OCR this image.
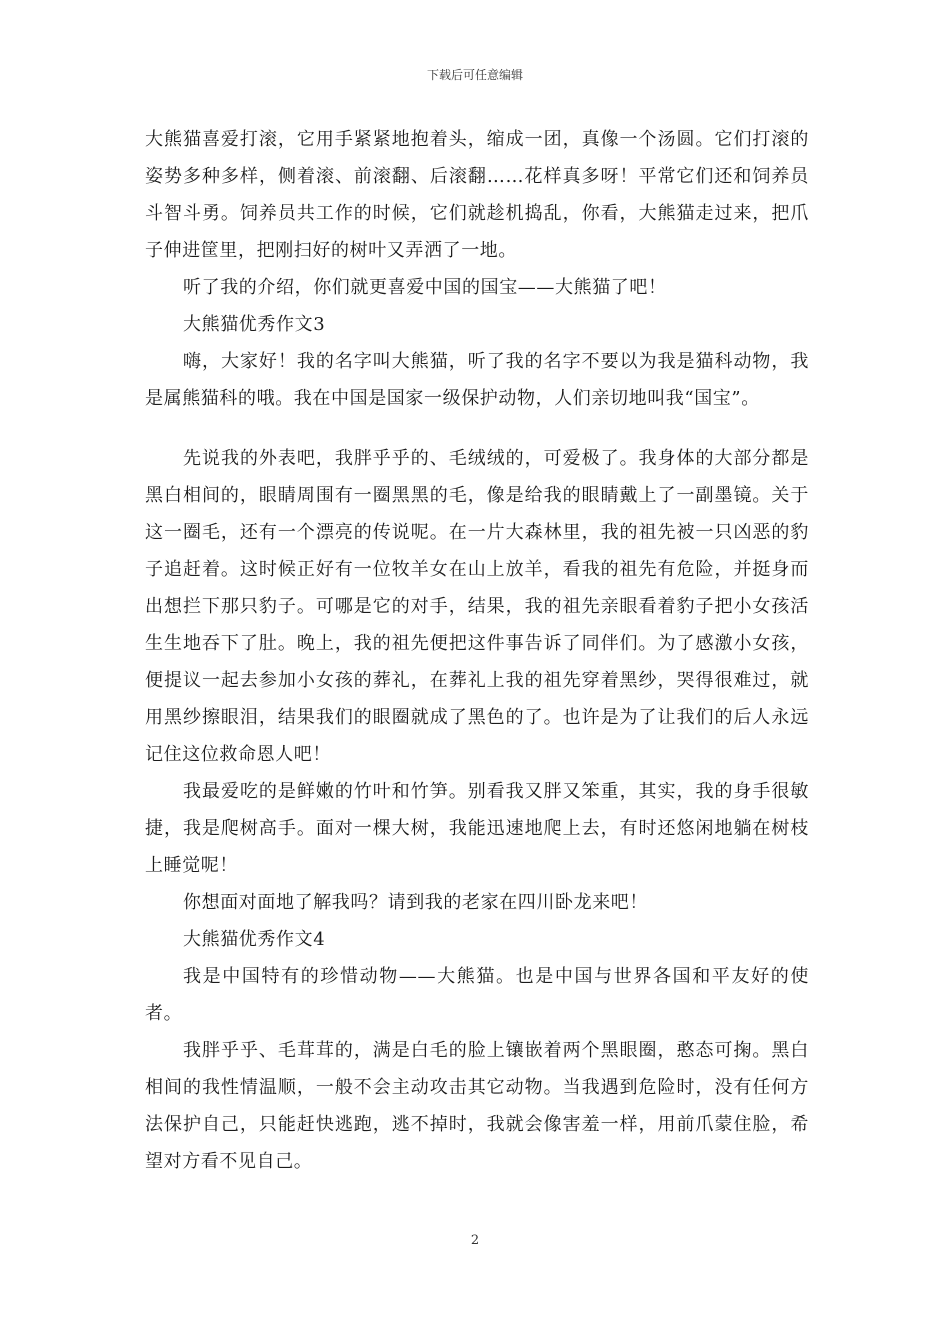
下载后可任意编辑

大熊猫喜爱打滚，它用手紧紧地抱着头，缩成一团，真像一个汤圆。它们打滚的姿势多种多样，侧着滚、前滚翻、后滚翻……花样真多呀！平常它们还和饲养员斗智斗勇。饲养员共工作的时候，它们就趁机捣乱，你看，大熊猫走过来，把爪子伸进筐里，把刚扫好的树叶又弄洒了一地。

听了我的介绍，你们就更喜爱中国的国宝——大熊猫了吧！

大熊猫优秀作文3

嗨，大家好！我的名字叫大熊猫，听了我的名字不要以为我是猫科动物，我是属熊猫科的哦。我在中国是国家一级保护动物，人们亲切地叫我“国宝”。

先说我的外表吧，我胖乎乎的、毛绒绒的，可爱极了。我身体的大部分都是黑白相间的，眼睛周围有一圈黑黑的毛，像是给我的眼睛戴上了一副墨镜。关于这一圈毛，还有一个漂亮的传说呢。在一片大森林里，我的祖先被一只凶恶的豹子追赶着。这时候正好有一位牧羊女在山上放羊，看我的祖先有危险，并挺身而出想拦下那只豹子。可哪是它的对手，结果，我的祖先亲眼看着豹子把小女孩活生生地吞下了肚。晚上，我的祖先便把这件事告诉了同伴们。为了感激小女孩，便提议一起去参加小女孩的葬礼，在葬礼上我的祖先穿着黑纱，哭得很难过，就用黑纱擦眼泪，结果我们的眼圈就成了黑色的了。也许是为了让我们的后人永远记住这位救命恩人吧！

我最爱吃的是鲜嫩的竹叶和竹笋。别看我又胖又笨重，其实，我的身手很敏捷，我是爬树高手。面对一棵大树，我能迅速地爬上去，有时还悠闲地躺在树枝上睡觉呢！

你想面对面地了解我吗？请到我的老家在四川卧龙来吧！

大熊猫优秀作文4

我是中国特有的珍惜动物——大熊猫。也是中国与世界各国和平友好的使者。

我胖乎乎、毛茸茸的，满是白毛的脸上镶嵌着两个黑眼圈，憨态可掬。黑白相间的我性情温顺，一般不会主动攻击其它动物。当我遇到危险时，没有任何方法保护自己，只能赶快逃跑，逃不掉时，我就会像害羞一样，用前爪蒙住脸，希望对方看不见自己。

2
